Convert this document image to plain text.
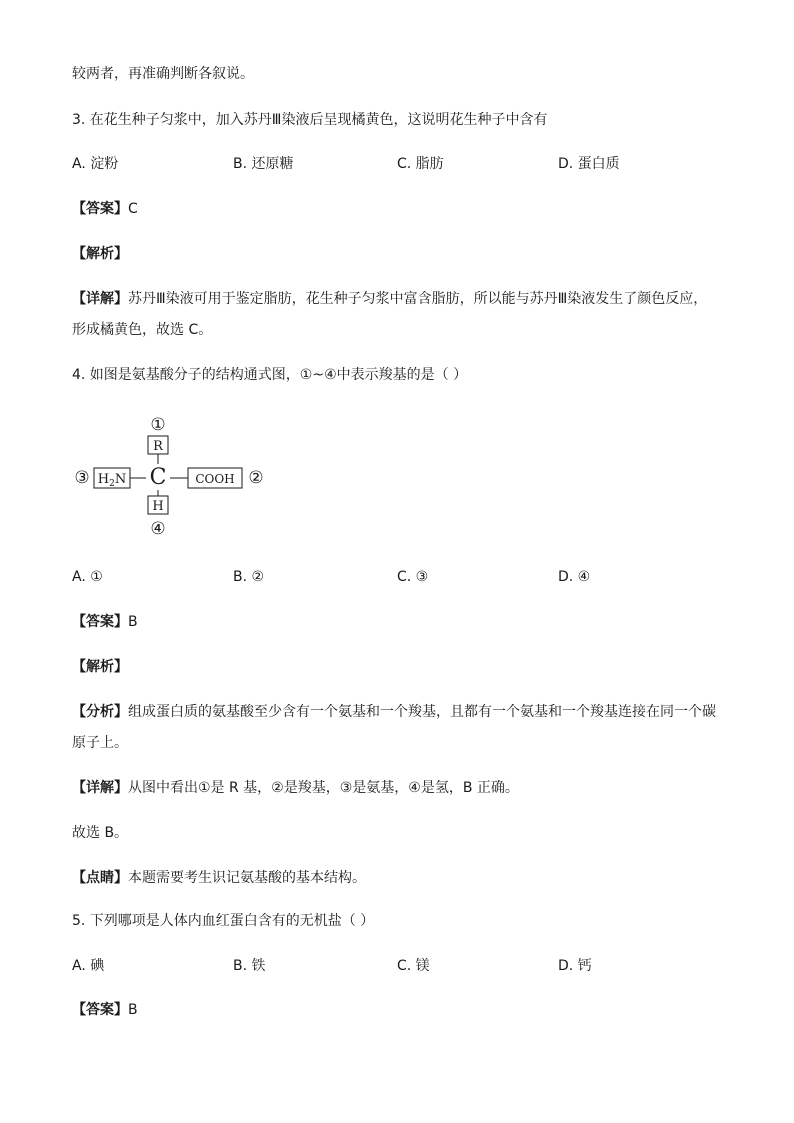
较两者，再准确判断各叙说。
3. 在花生种子匀浆中，加入苏丹Ⅲ染液后呈现橘黄色，这说明花生种子中含有
A. 淀粉	B. 还原糖	C. 脂肪	D. 蛋白质
【答案】C
【解析】
【详解】苏丹Ⅲ染液可用于鉴定脂肪，花生种子匀浆中富含脂肪，所以能与苏丹Ⅲ染液发生了颜色反应，
形成橘黄色，故选 C。
4. 如图是氨基酸分子的结构通式图，①~④中表示羧基的是（ ）
①
R
C
③ $H_2N$	COOH ②
H
④
A. ①	B. ②	C. ③	D. ④
【答案】B
【解析】
【分析】组成蛋白质的氨基酸至少含有一个氨基和一个羧基，且都有一个氨基和一个羧基连接在同一个碳
原子上。
【详解】从图中看出①是 R 基，②是羧基，③是氨基，④是氢，B 正确。
故选 B。
【点睛】本题需要考生识记氨基酸的基本结构。
5. 下列哪项是人体内血红蛋白含有的无机盐（ ）
A. 碘	B. 铁	C. 镁	D. 钙
【答案】B
